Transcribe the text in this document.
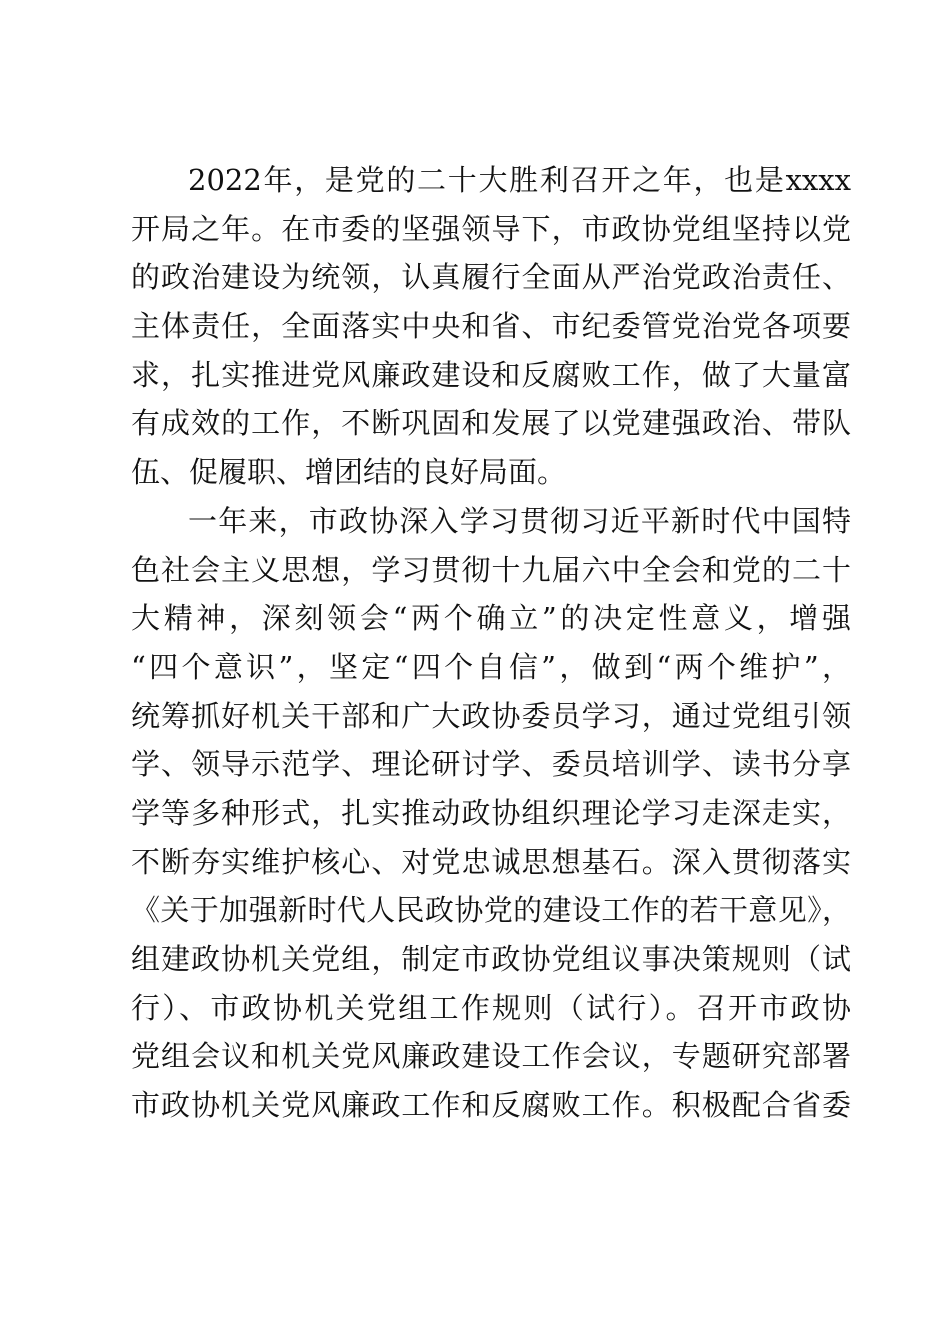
2022年，是党的二十大胜利召开之年，也是xxxx
开局之年。在市委的坚强领导下，市政协党组坚持以党
的政治建设为统领，认真履行全面从严治党政治责任、
主体责任，全面落实中央和省、市纪委管党治党各项要
求，扎实推进党风廉政建设和反腐败工作，做了大量富
有成效的工作，不断巩固和发展了以党建强政治、带队
伍、促履职、增团结的良好局面。
一年来，市政协深入学习贯彻习近平新时代中国特
色社会主义思想，学习贯彻十九届六中全会和党的二十
大精神，深刻领会“两个确立”的决定性意义，增强
“四个意识”，坚定“四个自信”，做到“两个维护”，
统筹抓好机关干部和广大政协委员学习，通过党组引领
学、领导示范学、理论研讨学、委员培训学、读书分享
学等多种形式，扎实推动政协组织理论学习走深走实，
不断夯实维护核心、对党忠诚思想基石。深入贯彻落实
《关于加强新时代人民政协党的建设工作的若干意见》，
组建政协机关党组，制定市政协党组议事决策规则（试
行）、市政协机关党组工作规则（试行）。召开市政协
党组会议和机关党风廉政建设工作会议，专题研究部署
市政协机关党风廉政工作和反腐败工作。积极配合省委
